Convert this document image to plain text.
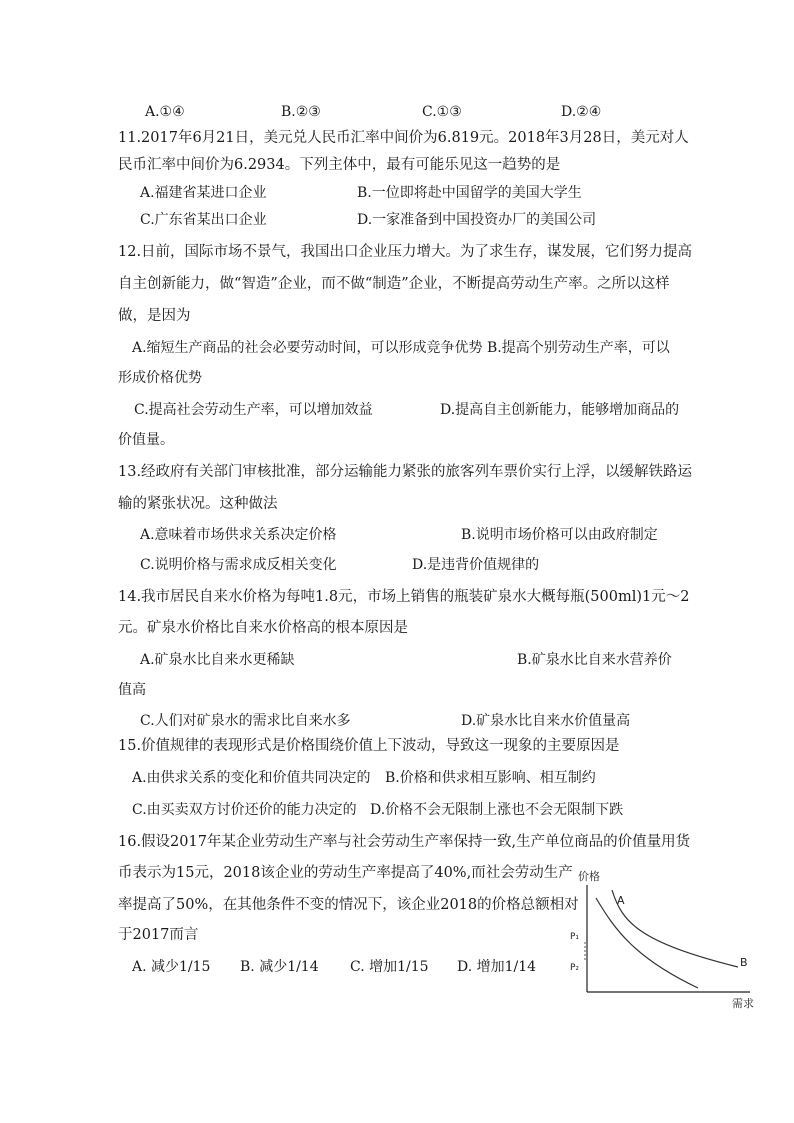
A.①④	B.②③	C.①③	D.②④
11.2017年6月21日，美元兑人民币汇率中间价为6.819元。2018年3月28日，美元对人
民币汇率中间价为6.2934。下列主体中，最有可能乐见这一趋势的是
A.福建省某进口企业	B.一位即将赴中国留学的美国大学生
C.广东省某出口企业	D.一家准备到中国投资办厂的美国公司
12.日前，国际市场不景气，我国出口企业压力增大。为了求生存，谋发展，它们努力提高
自主创新能力，做“智造”企业，而不做“制造”企业，不断提高劳动生产率。之所以这样
做，是因为
A.缩短生产商品的社会必要劳动时间，可以形成竞争优势 B.提高个别劳动生产率，可以
形成价格优势
C.提高社会劳动生产率，可以增加效益	D.提高自主创新能力，能够增加商品的
价值量。
13.经政府有关部门审核批准，部分运输能力紧张的旅客列车票价实行上浮，以缓解铁路运
输的紧张状况。这种做法
A.意味着市场供求关系决定价格	B.说明市场价格可以由政府制定
C.说明价格与需求成反相关变化	D.是违背价值规律的
14.我市居民自来水价格为每吨1.8元，市场上销售的瓶装矿泉水大概每瓶(500ml)1元～2
元。矿泉水价格比自来水价格高的根本原因是
A.矿泉水比自来水更稀缺	B.矿泉水比自来水营养价
值高
C.人们对矿泉水的需求比自来水多	D.矿泉水比自来水价值量高
15.价值规律的表现形式是价格围绕价值上下波动，导致这一现象的主要原因是
A.由供求关系的变化和价值共同决定的 B.价格和供求相互影响、相互制约
C.由买卖双方讨价还价的能力决定的 D.价格不会无限制上涨也不会无限制下跌
16.假设2017年某企业劳动生产率与社会劳动生产率保持一致,生产单位商品的价值量用货
币表示为15元，2018该企业的劳动生产率提高了40%,而社会劳动生产
率提高了50%，在其他条件不变的情况下，该企业2018的价格总额相对
于2017而言
A. 减少1/15 B. 减少1/14 C. 增加1/15 D. 增加1/14
价格
需求
A
B
P₁
P₂
